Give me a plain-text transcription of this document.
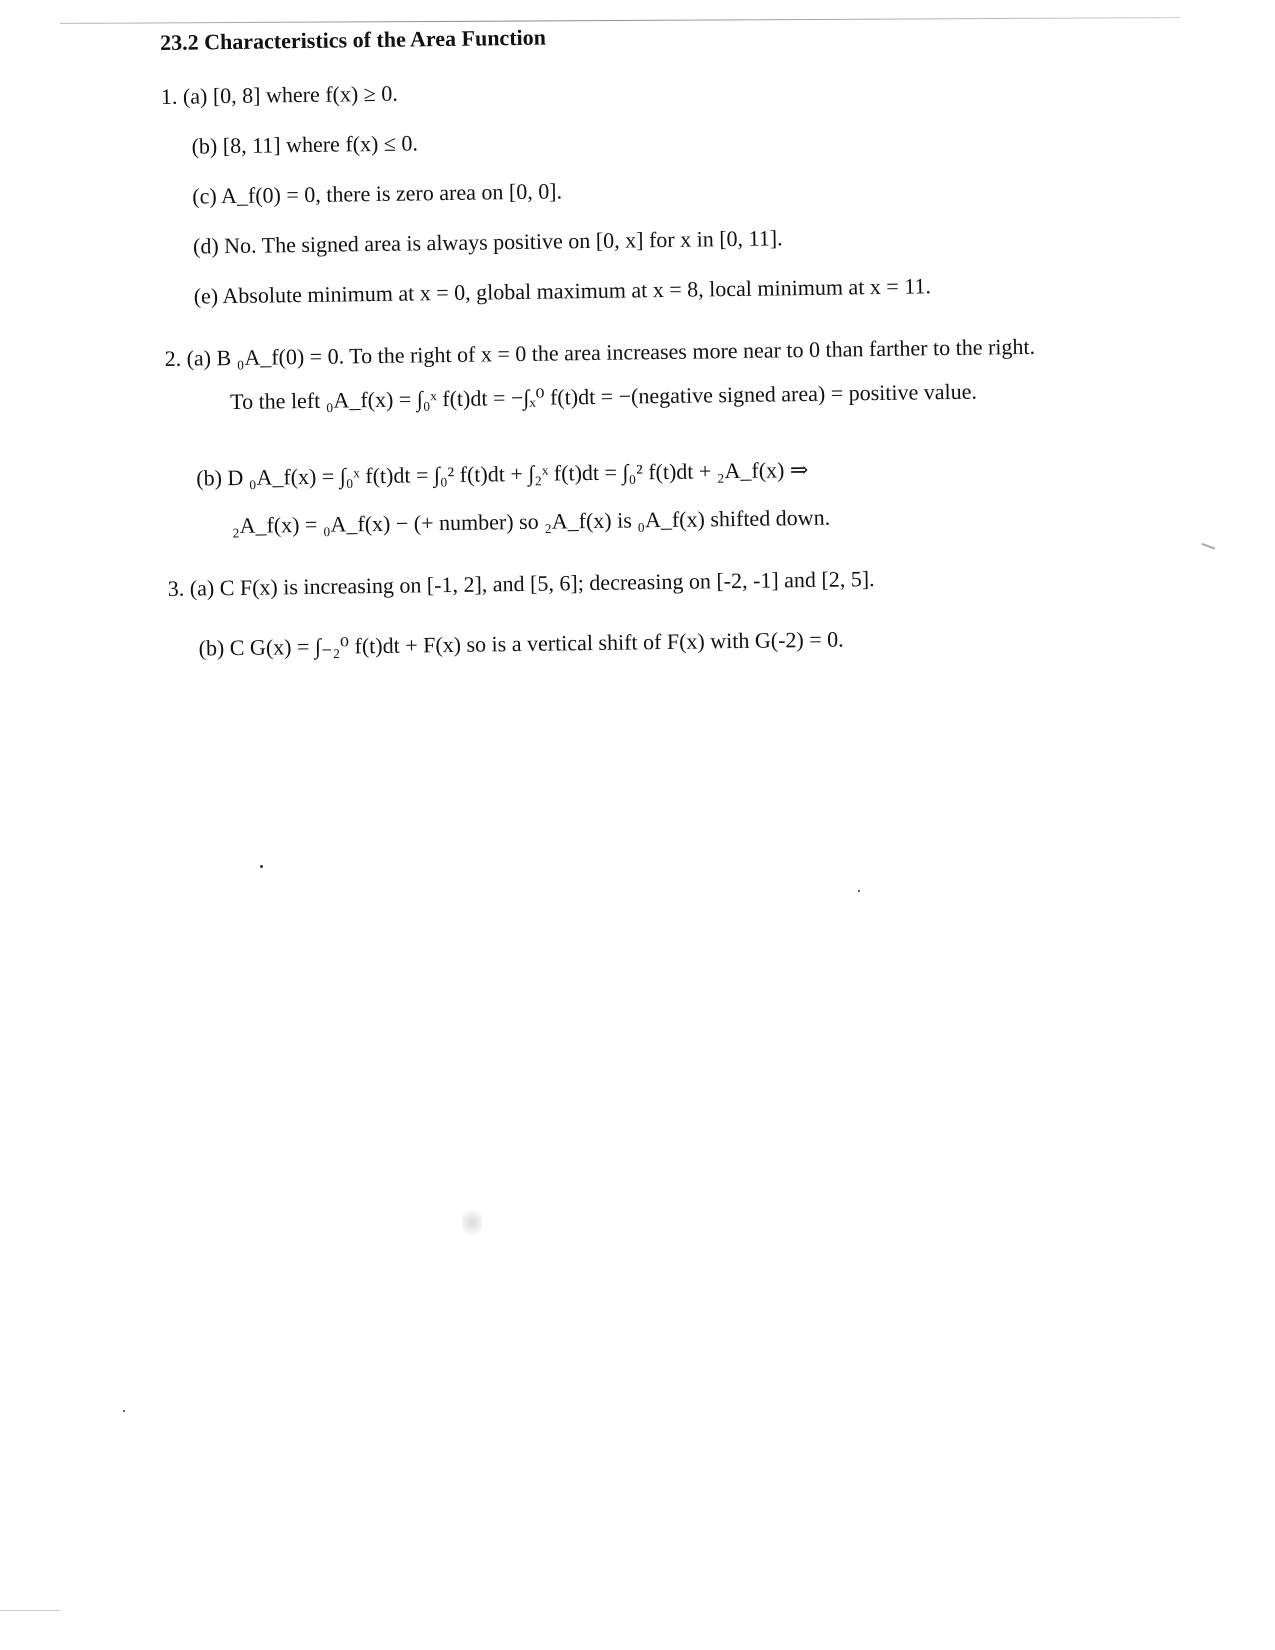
23.2 Characteristics of the Area Function
1. (a) [0, 8] where f(x) ≥ 0.
(b) [8, 11] where f(x) ≤ 0.
(c) A_f(0) = 0, there is zero area on [0, 0].
(d) No. The signed area is always positive on [0, x] for x in [0, 11].
(e) Absolute minimum at x = 0, global maximum at x = 8, local minimum at x = 11.
2. (a) B ₀A_f(0) = 0. To the right of x = 0 the area increases more near to 0 than farther to the right.
To the left ₀A_f(x) = ∫₀ˣ f(t)dt = −∫ₓ⁰ f(t)dt = −(negative signed area) = positive value.
(b) D ₀A_f(x) = ∫₀ˣ f(t)dt = ∫₀² f(t)dt + ∫₂ˣ f(t)dt = ∫₀² f(t)dt + ₂A_f(x) ⇒
₂A_f(x) = ₀A_f(x) − (+ number) so ₂A_f(x) is ₀A_f(x) shifted down.
3. (a) C F(x) is increasing on [-1, 2], and [5, 6]; decreasing on [-2, -1] and [2, 5].
(b) C G(x) = ∫₋₂⁰ f(t)dt + F(x) so is a vertical shift of F(x) with G(-2) = 0.
